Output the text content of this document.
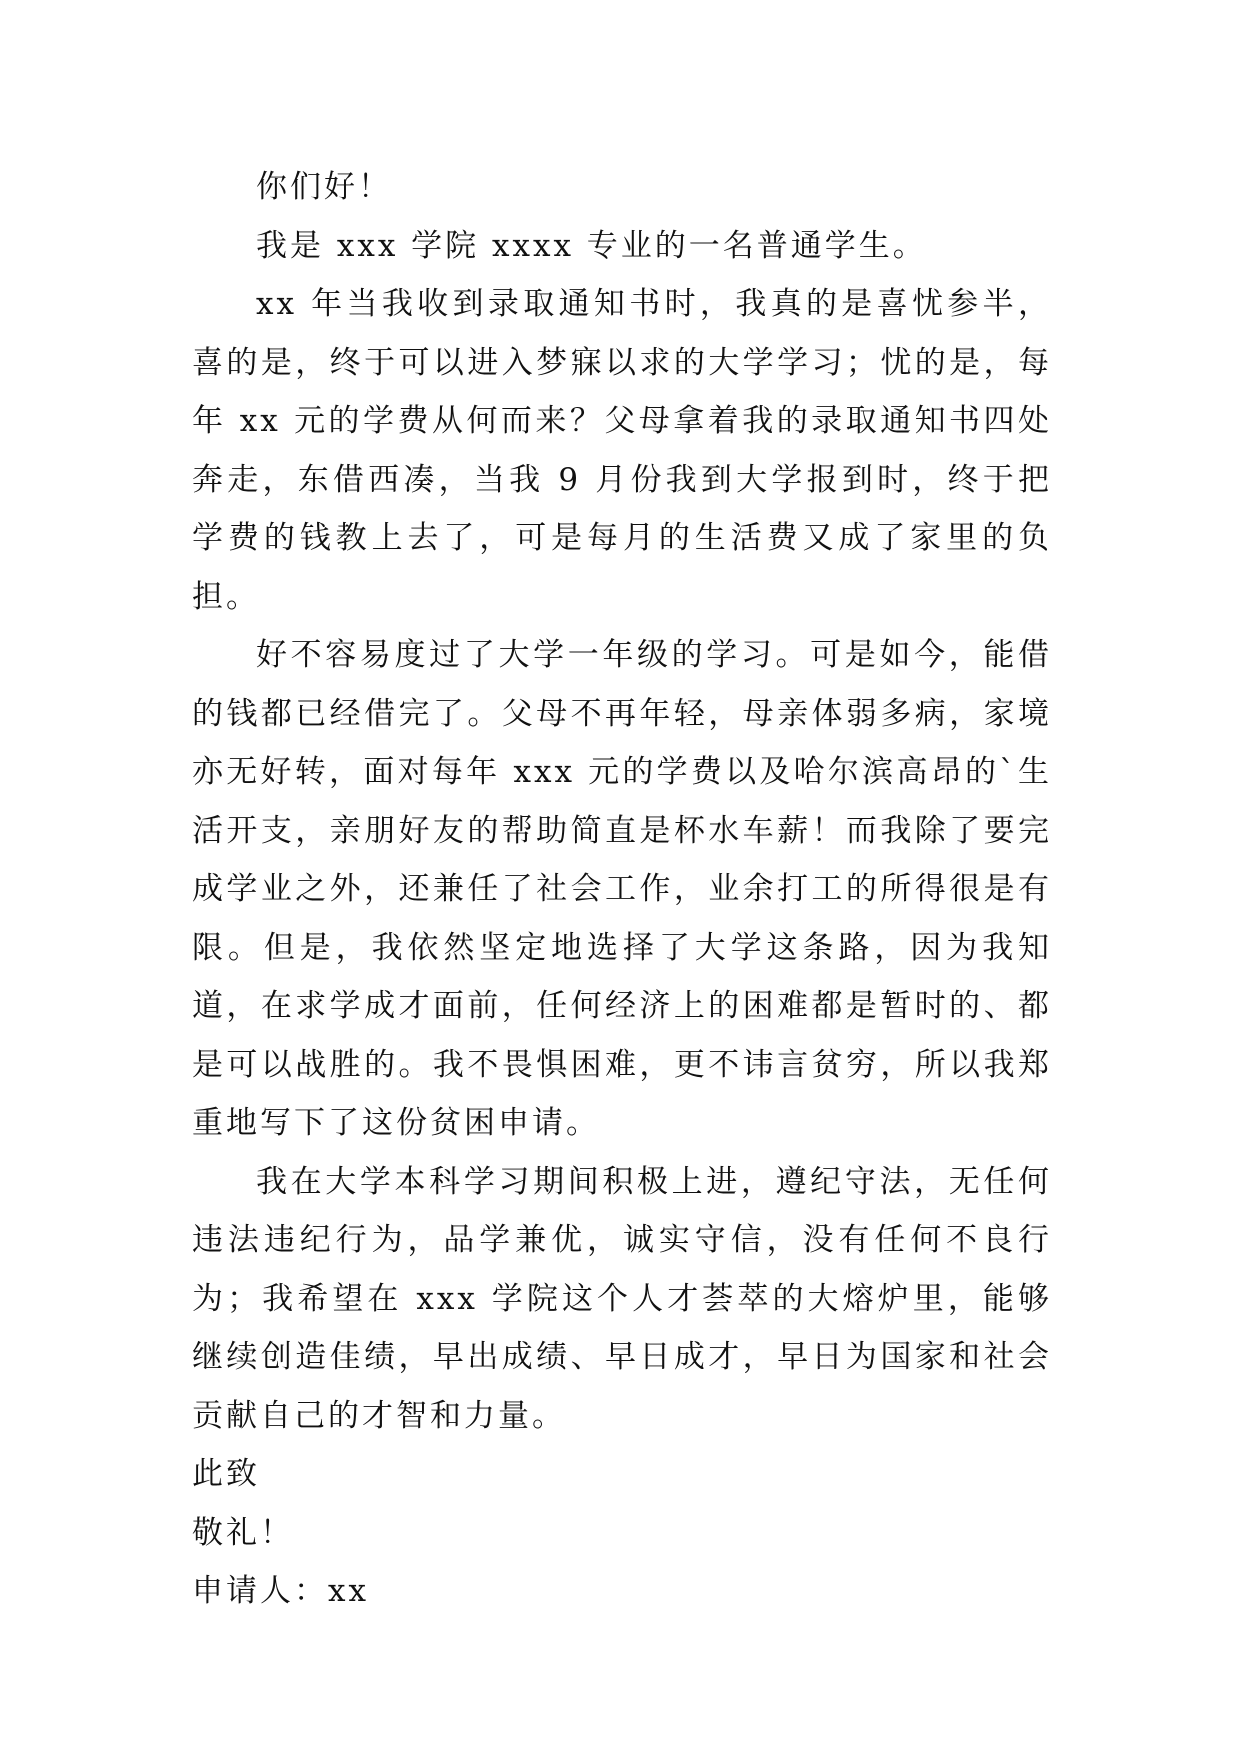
你们好！

我是 xxx 学院 xxxx 专业的一名普通学生。

xx 年当我收到录取通知书时，我真的是喜忧参半，喜的是，终于可以进入梦寐以求的大学学习；忧的是，每年 xx 元的学费从何而来？父母拿着我的录取通知书四处奔走，东借西凑，当我 9 月份我到大学报到时，终于把学费的钱教上去了，可是每月的生活费又成了家里的负担。

好不容易度过了大学一年级的学习。可是如今，能借的钱都已经借完了。父母不再年轻，母亲体弱多病，家境亦无好转，面对每年 xxx 元的学费以及哈尔滨高昂的`生活开支，亲朋好友的帮助简直是杯水车薪！而我除了要完成学业之外，还兼任了社会工作，业余打工的所得很是有限。但是，我依然坚定地选择了大学这条路，因为我知道，在求学成才面前，任何经济上的困难都是暂时的、都是可以战胜的。我不畏惧困难，更不讳言贫穷，所以我郑重地写下了这份贫困申请。

我在大学本科学习期间积极上进，遵纪守法，无任何违法违纪行为，品学兼优，诚实守信，没有任何不良行为；我希望在 xxx 学院这个人才荟萃的大熔炉里，能够继续创造佳绩，早出成绩、早日成才，早日为国家和社会贡献自己的才智和力量。

此致

敬礼！

申请人：xx
